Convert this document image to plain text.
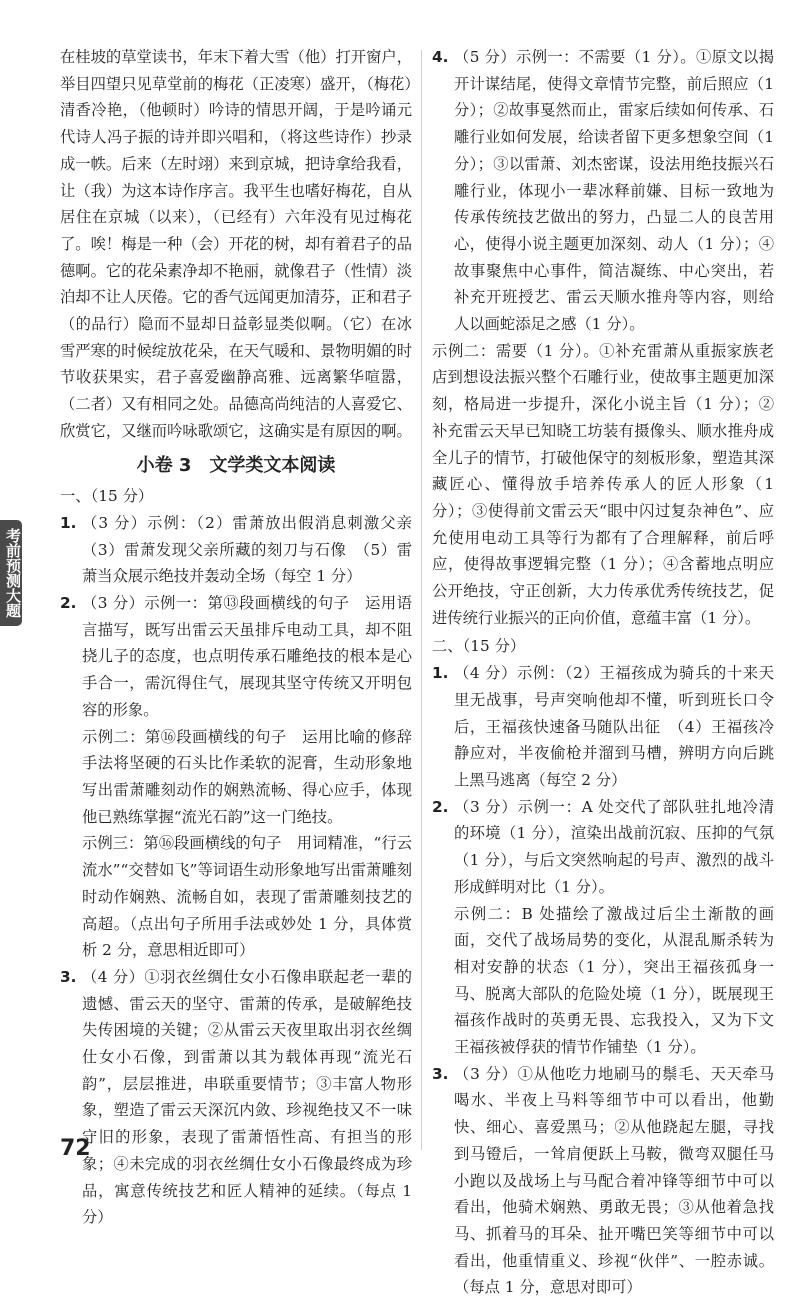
在桂坡的草堂读书，年末下着大雪（他）打开窗户，举目四望只见草堂前的梅花（正凌寒）盛开，（梅花）清香冷艳，（他顿时）吟诗的情思开阔，于是吟诵元代诗人冯子振的诗并即兴唱和，（将这些诗作）抄录成一帙。后来（左时翊）来到京城，把诗拿给我看，让（我）为这本诗作序言。我平生也嗜好梅花，自从居住在京城（以来），（已经有）六年没有见过梅花了。唉！梅是一种（会）开花的树，却有着君子的品德啊。它的花朵素净却不艳丽，就像君子（性情）淡泊却不让人厌倦。它的香气远闻更加清芬，正和君子（的品行）隐而不显却日益彰显类似啊。（它）在冰雪严寒的时候绽放花朵，在天气暖和、景物明媚的时节收获果实，君子喜爱幽静高雅、远离繁华喧嚣，（二者）又有相同之处。品德高尚纯洁的人喜爱它、欣赏它，又继而吟咏歌颂它，这确实是有原因的啊。

小卷 3　文学类文本阅读
一、（15 分）

1. （3 分）示例：（2）雷萧放出假消息刺激父亲　（3）雷萧发现父亲所藏的刻刀与石像　（5）雷萧当众展示绝技并轰动全场（每空 1 分）

2. （3 分）示例一：第⑬段画横线的句子　运用语言描写，既写出雷云天虽排斥电动工具，却不阻挠儿子的态度，也点明传承石雕绝技的根本是心手合一，需沉得住气，展现其坚守传统又开明包容的形象。

示例二：第⑯段画横线的句子　运用比喻的修辞手法将坚硬的石头比作柔软的泥膏，生动形象地写出雷萧雕刻动作的娴熟流畅、得心应手，体现他已熟练掌握“流光石韵”这一门绝技。

示例三：第⑯段画横线的句子　用词精准，“行云流水”“交替如飞”等词语生动形象地写出雷萧雕刻时动作娴熟、流畅自如，表现了雷萧雕刻技艺的高超。（点出句子所用手法或妙处 1 分，具体赏析 2 分，意思相近即可）

3. （4 分）①羽衣丝绸仕女小石像串联起老一辈的遗憾、雷云天的坚守、雷萧的传承，是破解绝技失传困境的关键；②从雷云天夜里取出羽衣丝绸仕女小石像，到雷萧以其为载体再现“流光石韵”，层层推进，串联重要情节；③丰富人物形象，塑造了雷云天深沉内敛、珍视绝技又不一味守旧的形象，表现了雷萧悟性高、有担当的形象；④未完成的羽衣丝绸仕女小石像最终成为珍品，寓意传统技艺和匠人精神的延续。（每点 1 分）

4. （5 分）示例一：不需要（1 分）。①原文以揭开计谋结尾，使得文章情节完整，前后照应（1 分）；②故事戛然而止，雷家后续如何传承、石雕行业如何发展，给读者留下更多想象空间（1 分）；③以雷萧、刘杰密谋，设法用绝技振兴石雕行业，体现小一辈冰释前嫌、目标一致地为传承传统技艺做出的努力，凸显二人的良苦用心，使得小说主题更加深刻、动人（1 分）；④故事聚焦中心事件，简洁凝练、中心突出，若补充开班授艺、雷云天顺水推舟等内容，则给人以画蛇添足之感（1 分）。

示例二：需要（1 分）。①补充雷萧从重振家族老店到想设法振兴整个石雕行业，使故事主题更加深刻，格局进一步提升，深化小说主旨（1 分）；②补充雷云天早已知晓工坊装有摄像头、顺水推舟成全儿子的情节，打破他保守的刻板形象，塑造其深藏匠心、懂得放手培养传承人的匠人形象（1 分）；③使得前文雷云天“眼中闪过复杂神色”、应允使用电动工具等行为都有了合理解释，前后呼应，使得故事逻辑完整（1 分）；④含蓄地点明应公开绝技，守正创新，大力传承优秀传统技艺，促进传统行业振兴的正向价值，意蕴丰富（1 分）。

二、（15 分）

1. （4 分）示例：（2）王福孩成为骑兵的十来天里无战事，号声突响他却不懂，听到班长口令后，王福孩快速备马随队出征　（4）王福孩冷静应对，半夜偷枪并溜到马槽，辨明方向后跳上黑马逃离（每空 2 分）

2. （3 分）示例一：A 处交代了部队驻扎地冷清的环境（1 分），渲染出战前沉寂、压抑的气氛（1 分），与后文突然响起的号声、激烈的战斗形成鲜明对比（1 分）。

示例二：B 处描绘了激战过后尘土渐散的画面，交代了战场局势的变化，从混乱厮杀转为相对安静的状态（1 分），突出王福孩孤身一马、脱离大部队的危险处境（1 分），既展现王福孩作战时的英勇无畏、忘我投入，又为下文王福孩被俘获的情节作铺垫（1 分）。

3. （3 分）①从他吃力地刷马的鬃毛、天天牵马喝水、半夜上马料等细节中可以看出，他勤快、细心、喜爱黑马；②从他跷起左腿，寻找到马镫后，一耸肩便跃上马鞍，微弯双腿任马小跑以及战场上与马配合着冲锋等细节中可以看出，他骑术娴熟、勇敢无畏；③从他着急找马、抓着马的耳朵、扯开嘴巴笑等细节中可以看出，他重情重义、珍视“伙伴”、一腔赤诚。（每点 1 分，意思对即可）

考前预测大题
72
